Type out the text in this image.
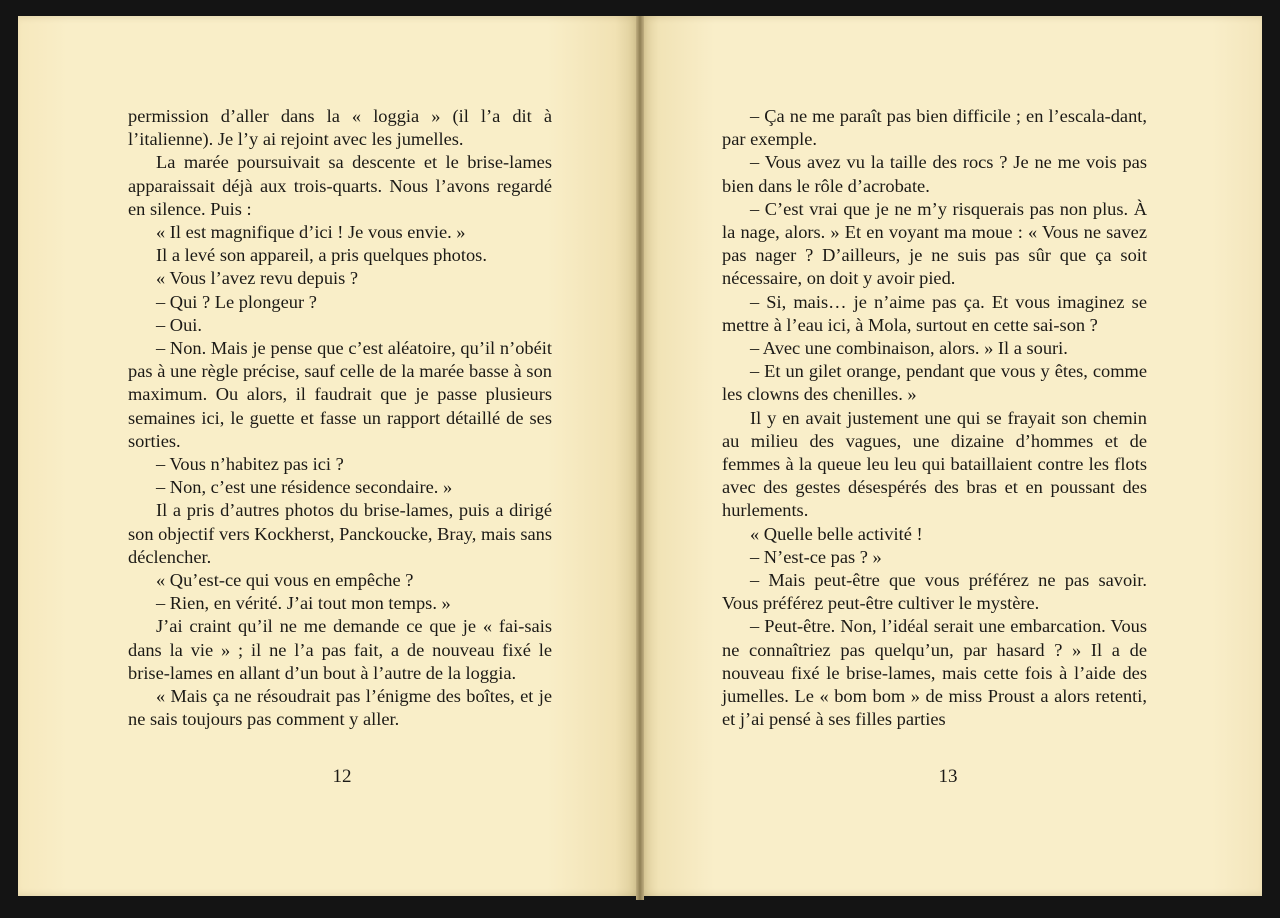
permission d’aller dans la « loggia » (il l’a dit à l’italienne). Je l’y ai rejoint avec les jumelles.

La marée poursuivait sa descente et le brise-lames apparaissait déjà aux trois-quarts. Nous l’avons regardé en silence. Puis :

« Il est magnifique d’ici ! Je vous envie. »

Il a levé son appareil, a pris quelques photos.

« Vous l’avez revu depuis ?

– Qui ? Le plongeur ?

– Oui.

– Non. Mais je pense que c’est aléatoire, qu’il n’obéit pas à une règle précise, sauf celle de la marée basse à son maximum. Ou alors, il faudrait que je passe plusieurs semaines ici, le guette et fasse un rapport détaillé de ses sorties.

– Vous n’habitez pas ici ?

– Non, c’est une résidence secondaire. »

Il a pris d’autres photos du brise-lames, puis a dirigé son objectif vers Kockherst, Panckoucke, Bray, mais sans déclencher.

« Qu’est-ce qui vous en empêche ?

– Rien, en vérité. J’ai tout mon temps. »

J’ai craint qu’il ne me demande ce que je « fai-sais dans la vie » ; il ne l’a pas fait, a de nouveau fixé le brise-lames en allant d’un bout à l’autre de la loggia.

« Mais ça ne résoudrait pas l’énigme des boîtes, et je ne sais toujours pas comment y aller.

12

– Ça ne me paraît pas bien difficile ; en l’escala-dant, par exemple.

– Vous avez vu la taille des rocs ? Je ne me vois pas bien dans le rôle d’acrobate.

– C’est vrai que je ne m’y risquerais pas non plus. À la nage, alors. » Et en voyant ma moue : « Vous ne savez pas nager ? D’ailleurs, je ne suis pas sûr que ça soit nécessaire, on doit y avoir pied.

– Si, mais… je n’aime pas ça. Et vous imaginez se mettre à l’eau ici, à Mola, surtout en cette sai-son ?

– Avec une combinaison, alors. » Il a souri.

– Et un gilet orange, pendant que vous y êtes, comme les clowns des chenilles. »

Il y en avait justement une qui se frayait son chemin au milieu des vagues, une dizaine d’hommes et de femmes à la queue leu leu qui bataillaient contre les flots avec des gestes désespérés des bras et en poussant des hurlements.

« Quelle belle activité !

– N’est-ce pas ? »

– Mais peut-être que vous préférez ne pas savoir. Vous préférez peut-être cultiver le mystère.

– Peut-être. Non, l’idéal serait une embarcation. Vous ne connaîtriez pas quelqu’un, par hasard ? » Il a de nouveau fixé le brise-lames, mais cette fois à l’aide des jumelles. Le « bom bom » de miss Proust a alors retenti, et j’ai pensé à ses filles parties

13
